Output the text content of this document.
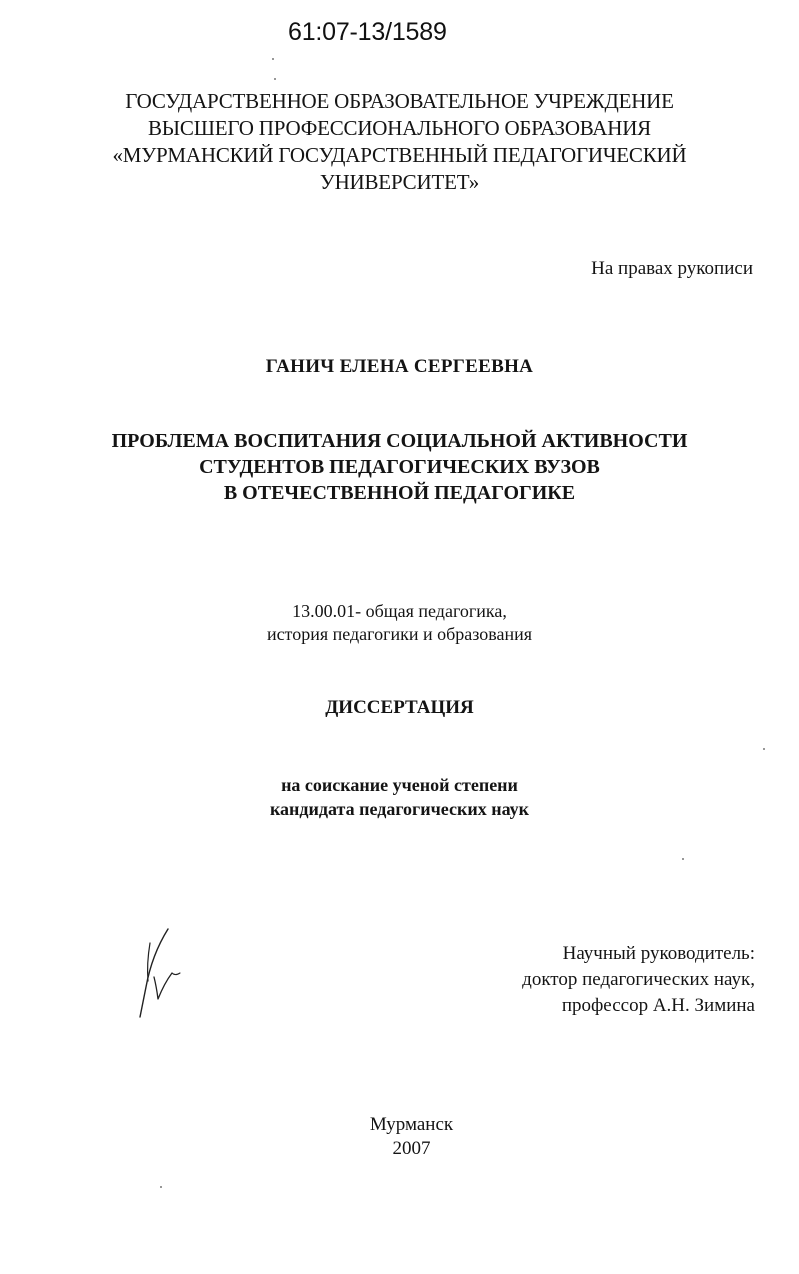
61:07-13/1589
ГОСУДАРСТВЕННОЕ ОБРАЗОВАТЕЛЬНОЕ УЧРЕЖДЕНИЕ
ВЫСШЕГО ПРОФЕССИОНАЛЬНОГО ОБРАЗОВАНИЯ
«МУРМАНСКИЙ ГОСУДАРСТВЕННЫЙ ПЕДАГОГИЧЕСКИЙ
УНИВЕРСИТЕТ»
На правах рукописи
ГАНИЧ ЕЛЕНА СЕРГЕЕВНА
ПРОБЛЕМА ВОСПИТАНИЯ СОЦИАЛЬНОЙ АКТИВНОСТИ
СТУДЕНТОВ ПЕДАГОГИЧЕСКИХ ВУЗОВ
В ОТЕЧЕСТВЕННОЙ ПЕДАГОГИКЕ
13.00.01- общая педагогика,
история педагогики и образования
ДИССЕРТАЦИЯ
на соискание ученой степени
кандидата педагогических наук
Научный руководитель:
доктор педагогических наук,
профессор А.Н. Зимина
Мурманск
2007
